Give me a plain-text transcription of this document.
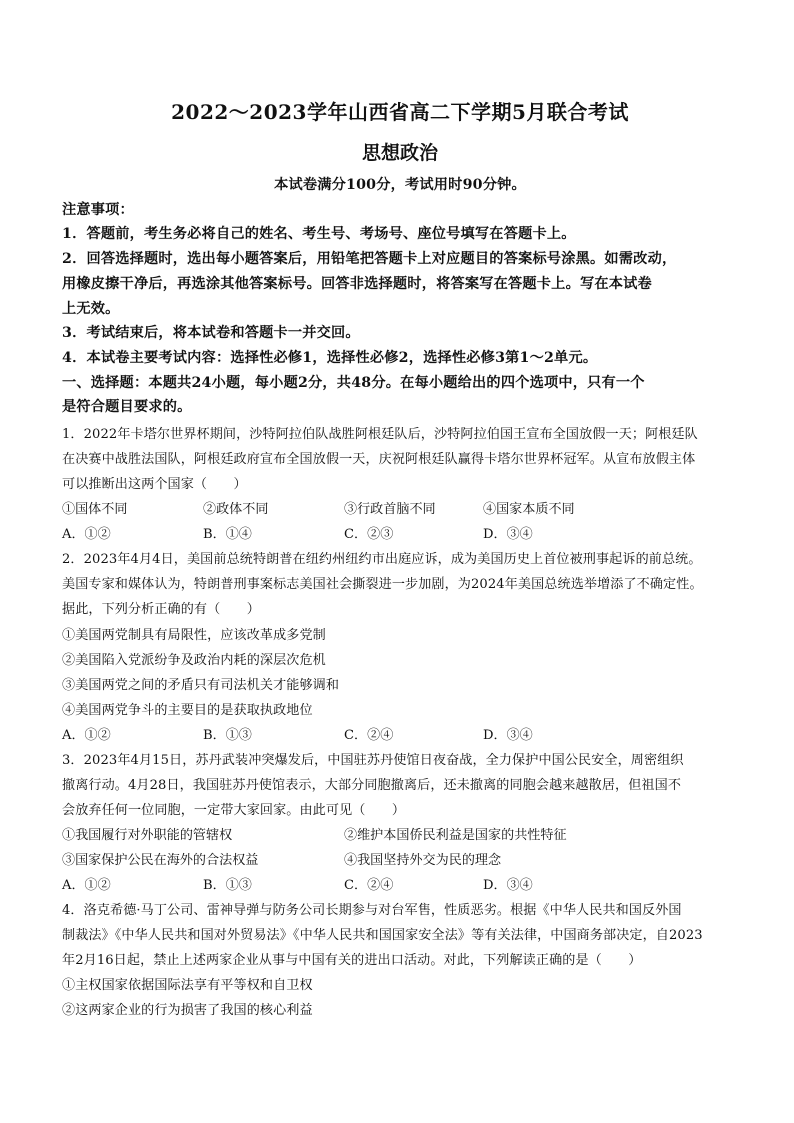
2022～2023学年山西省高二下学期5月联合考试
思想政治
本试卷满分100分，考试用时90分钟。
注意事项：
1．答题前，考生务必将自己的姓名、考生号、考场号、座位号填写在答题卡上。
2．回答选择题时，选出每小题答案后，用铅笔把答题卡上对应题目的答案标号涂黑。如需改动，
用橡皮擦干净后，再选涂其他答案标号。回答非选择题时，将答案写在答题卡上。写在本试卷
上无效。
3．考试结束后，将本试卷和答题卡一并交回。
4．本试卷主要考试内容：选择性必修1，选择性必修2，选择性必修3第1～2单元。
一、选择题：本题共24小题，每小题2分，共48分。在每小题给出的四个选项中，只有一个
是符合题目要求的。
1．2022年卡塔尔世界杯期间，沙特阿拉伯队战胜阿根廷队后，沙特阿拉伯国王宣布全国放假一天；阿根廷队
在决赛中战胜法国队，阿根廷政府宣布全国放假一天，庆祝阿根廷队赢得卡塔尔世界杯冠军。从宣布放假主体
可以推断出这两个国家（　　）
①国体不同	②政体不同	③行政首脑不同	④国家本质不同
A．①②	B．①④	C．②③	D．③④
2．2023年4月4日，美国前总统特朗普在纽约州纽约市出庭应诉，成为美国历史上首位被刑事起诉的前总统。
美国专家和媒体认为，特朗普刑事案标志美国社会撕裂进一步加剧，为2024年美国总统选举增添了不确定性。
据此，下列分析正确的有（　　）
①美国两党制具有局限性，应该改革成多党制
②美国陷入党派纷争及政治内耗的深层次危机
③美国两党之间的矛盾只有司法机关才能够调和
④美国两党争斗的主要目的是获取执政地位
A．①②	B．①③	C．②④	D．③④
3．2023年4月15日，苏丹武装冲突爆发后，中国驻苏丹使馆日夜奋战，全力保护中国公民安全，周密组织
撤离行动。4月28日，我国驻苏丹使馆表示，大部分同胞撤离后，还未撤离的同胞会越来越散居，但祖国不
会放弃任何一位同胞，一定带大家回家。由此可见（　　）
①我国履行对外职能的管辖权	②维护本国侨民利益是国家的共性特征
③国家保护公民在海外的合法权益	④我国坚持外交为民的理念
A．①②	B．①③	C．②④	D．③④
4．洛克希德·马丁公司、雷神导弹与防务公司长期参与对台军售，性质恶劣。根据《中华人民共和国反外国
制裁法》《中华人民共和国对外贸易法》《中华人民共和国国家安全法》等有关法律，中国商务部决定，自2023
年2月16日起，禁止上述两家企业从事与中国有关的进出口活动。对此，下列解读正确的是（　　）
①主权国家依据国际法享有平等权和自卫权
②这两家企业的行为损害了我国的核心利益
